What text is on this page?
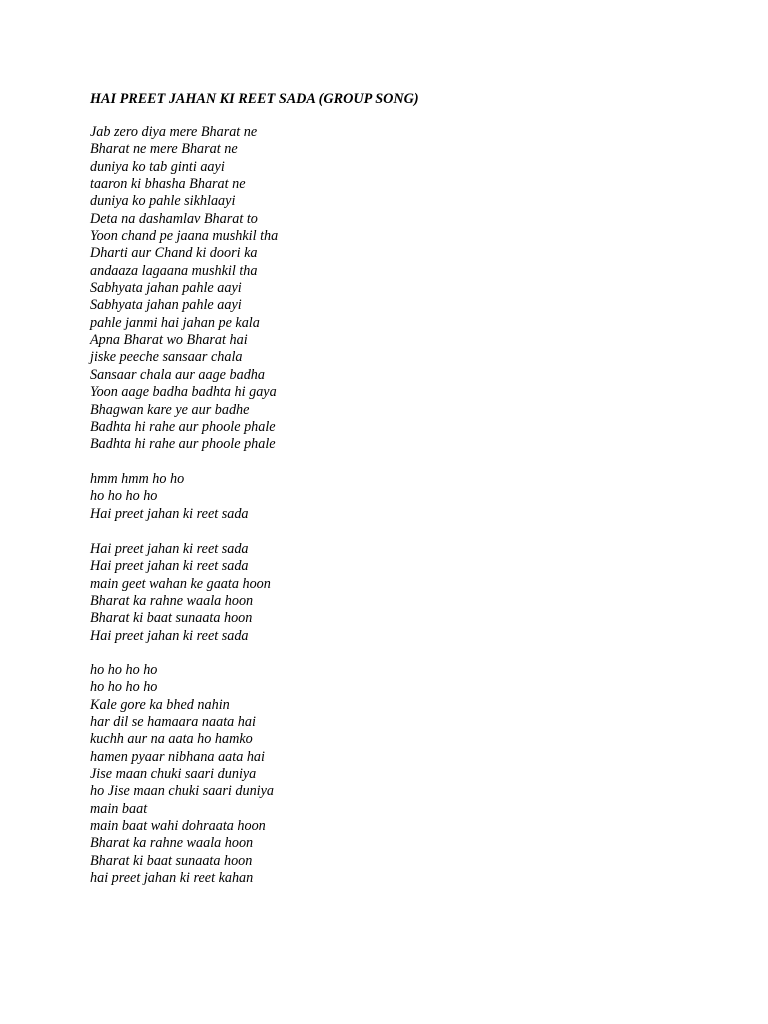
HAI PREET JAHAN KI REET SADA (GROUP SONG)
Jab zero diya mere Bharat ne
Bharat ne mere Bharat ne
duniya ko tab ginti aayi
taaron ki bhasha Bharat ne
duniya ko pahle sikhlaayi
Deta na dashamlav Bharat to
Yoon chand pe jaana mushkil tha
Dharti aur Chand ki doori ka
andaaza lagaana mushkil tha
Sabhyata jahan pahle aayi
Sabhyata jahan pahle aayi
pahle janmi hai jahan pe kala
Apna Bharat wo Bharat hai
jiske peeche sansaar chala
Sansaar chala aur aage badha
Yoon aage badha badhta hi gaya
Bhagwan kare ye aur badhe
Badhta hi rahe aur phoole phale
Badhta hi rahe aur phoole phale
hmm hmm ho ho
ho ho ho ho
Hai preet jahan ki reet sada
Hai preet jahan ki reet sada
Hai preet jahan ki reet sada
main geet wahan ke gaata hoon
Bharat ka rahne waala hoon
Bharat ki baat sunaata hoon
Hai preet jahan ki reet sada
ho ho ho ho
ho ho ho ho
Kale gore ka bhed nahin
har dil se hamaara naata hai
kuchh aur na aata ho hamko
hamen pyaar nibhana aata hai
Jise maan chuki saari duniya
ho Jise maan chuki saari duniya
main baat
main baat wahi dohraata hoon
Bharat ka rahne waala hoon
Bharat ki baat sunaata hoon
hai preet jahan ki reet kahan
